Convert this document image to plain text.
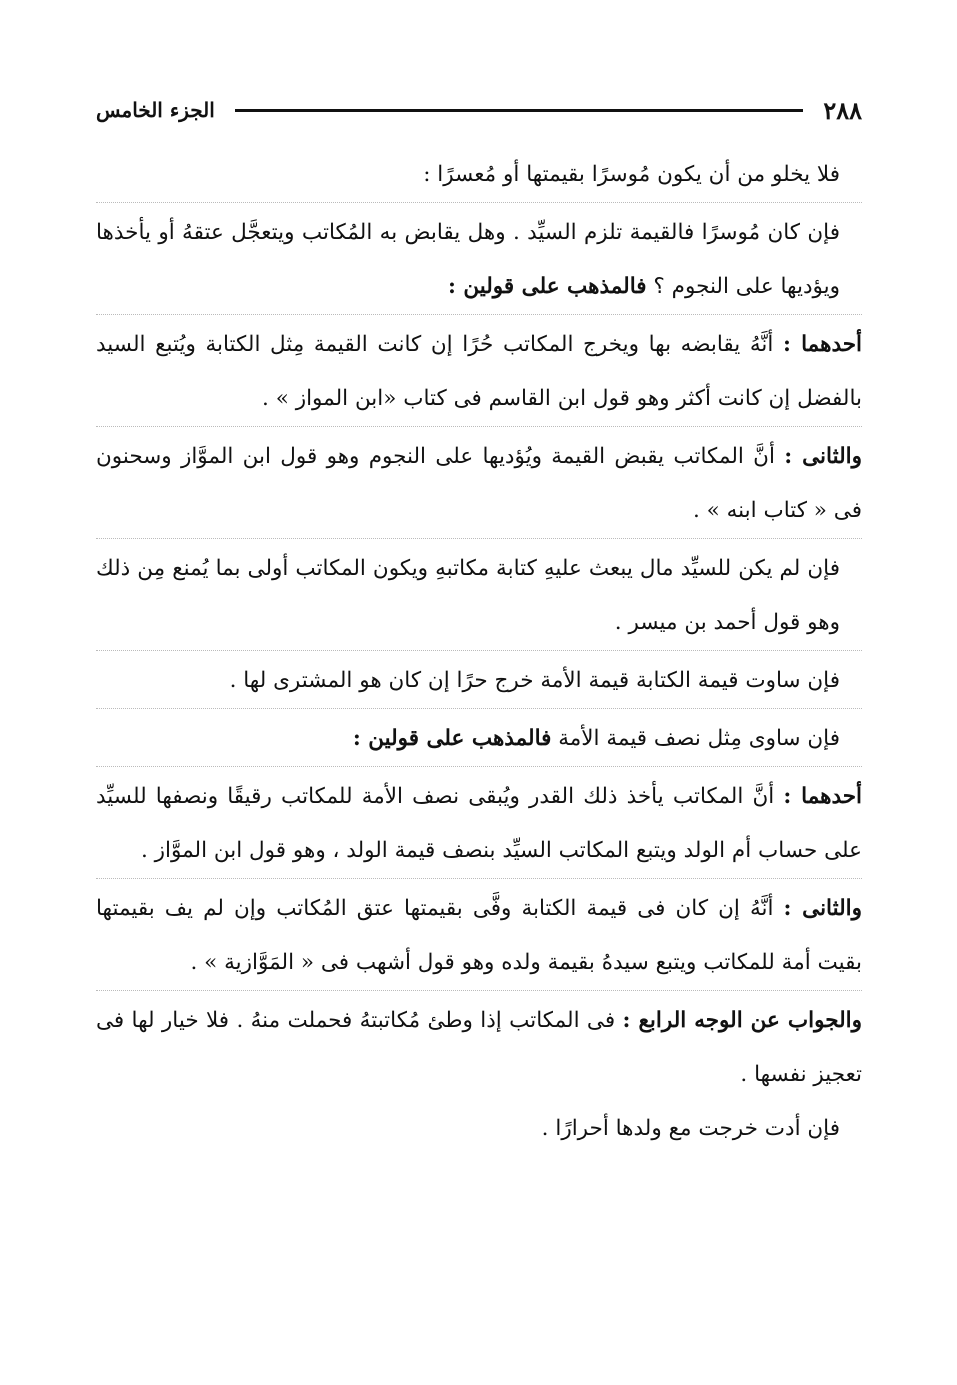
٢٨٨
الجزء الخامس

فلا يخلو من أن يكون مُوسرًا بقيمتها أو مُعسرًا :

فإن كان مُوسرًا فالقيمة تلزم السيِّد . وهل يقابض به المُكاتب ويتعجَّل عتقهُ أو يأخذها ويؤديها على النجوم ؟ فالمذهب على قولين :

أحدهما : أنَّهُ يقابضه بها ويخرج المكاتب حُرًا إن كانت القيمة مِثل الكتابة ويُتبع السيد بالفضل إن كانت أكثر وهو قول ابن القاسم فى كتاب «ابن المواز » .

والثانى : أنَّ المكاتب يقبض القيمة ويُؤديها على النجوم وهو قول ابن الموَّاز وسحنون فى « كتاب ابنه » .

فإن لم يكن للسيِّد مال يبعث عليهِ كتابة مكاتبهِ ويكون المكاتب أولى بما يُمنع مِن ذلك وهو قول أحمد بن ميسر .

فإن ساوت قيمة الكتابة قيمة الأمة خرج حرًا إن كان هو المشترى لها .

فإن ساوى مِثل نصف قيمة الأمة فالمذهب على قولين :

أحدهما : أنَّ المكاتب يأخذ ذلك القدر ويُبقى نصف الأمة للمكاتب رقيقًا ونصفها للسيِّد على حساب أم الولد ويتبع المكاتب السيِّد بنصف قيمة الولد ، وهو قول ابن الموَّاز .

والثانى : أنَّهُ إن كان فى قيمة الكتابة وفَّى بقيمتها عتق المُكاتب وإن لم يف بقيمتها بقيت أمة للمكاتب ويتبع سيدهُ بقيمة ولده وهو قول أشهب فى « المَوَّازية » .

والجواب عن الوجه الرابع : فى المكاتب إذا وطئ مُكاتبتهُ فحملت منهُ . فلا خيار لها فى تعجيز نفسها .

فإن أدت خرجت مع ولدها أحرارًا .
